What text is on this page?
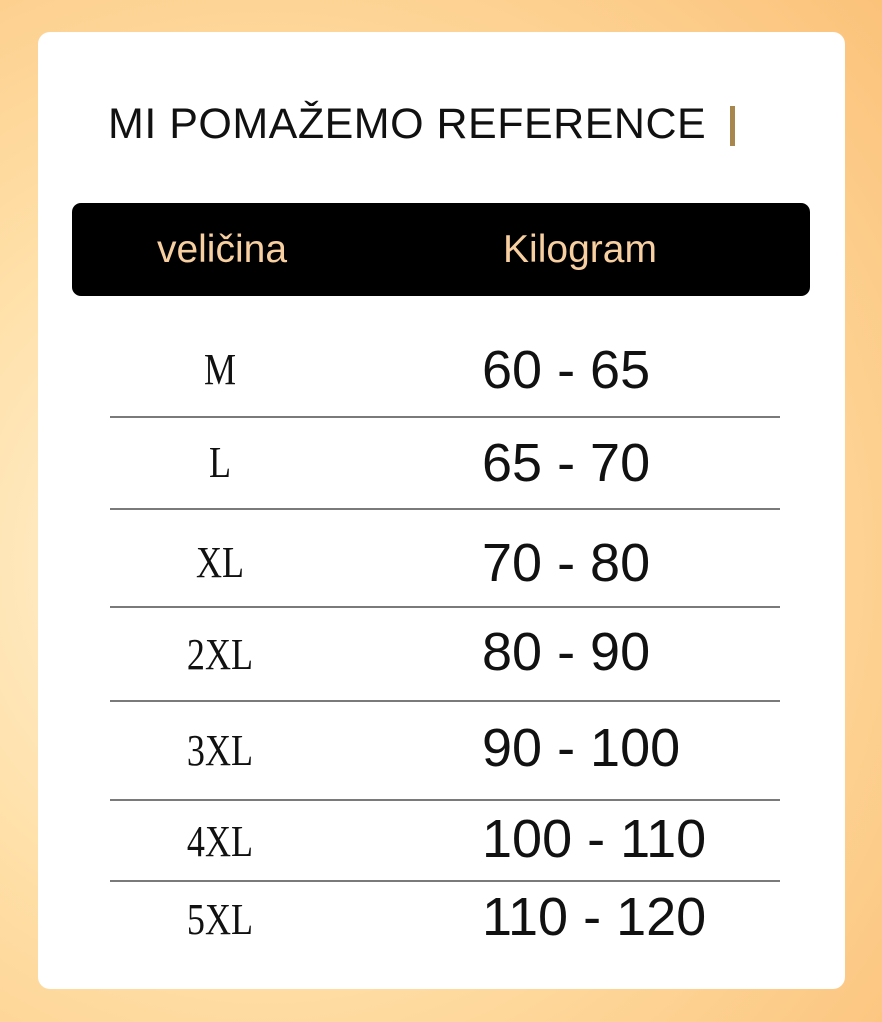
MI POMAŽEMO REFERENCE
veličina	Kilogram
M	60 - 65
L	65 - 70
XL	70 - 80
2XL	80 - 90
3XL	90 - 100
4XL	100 - 110
5XL	110 - 120
